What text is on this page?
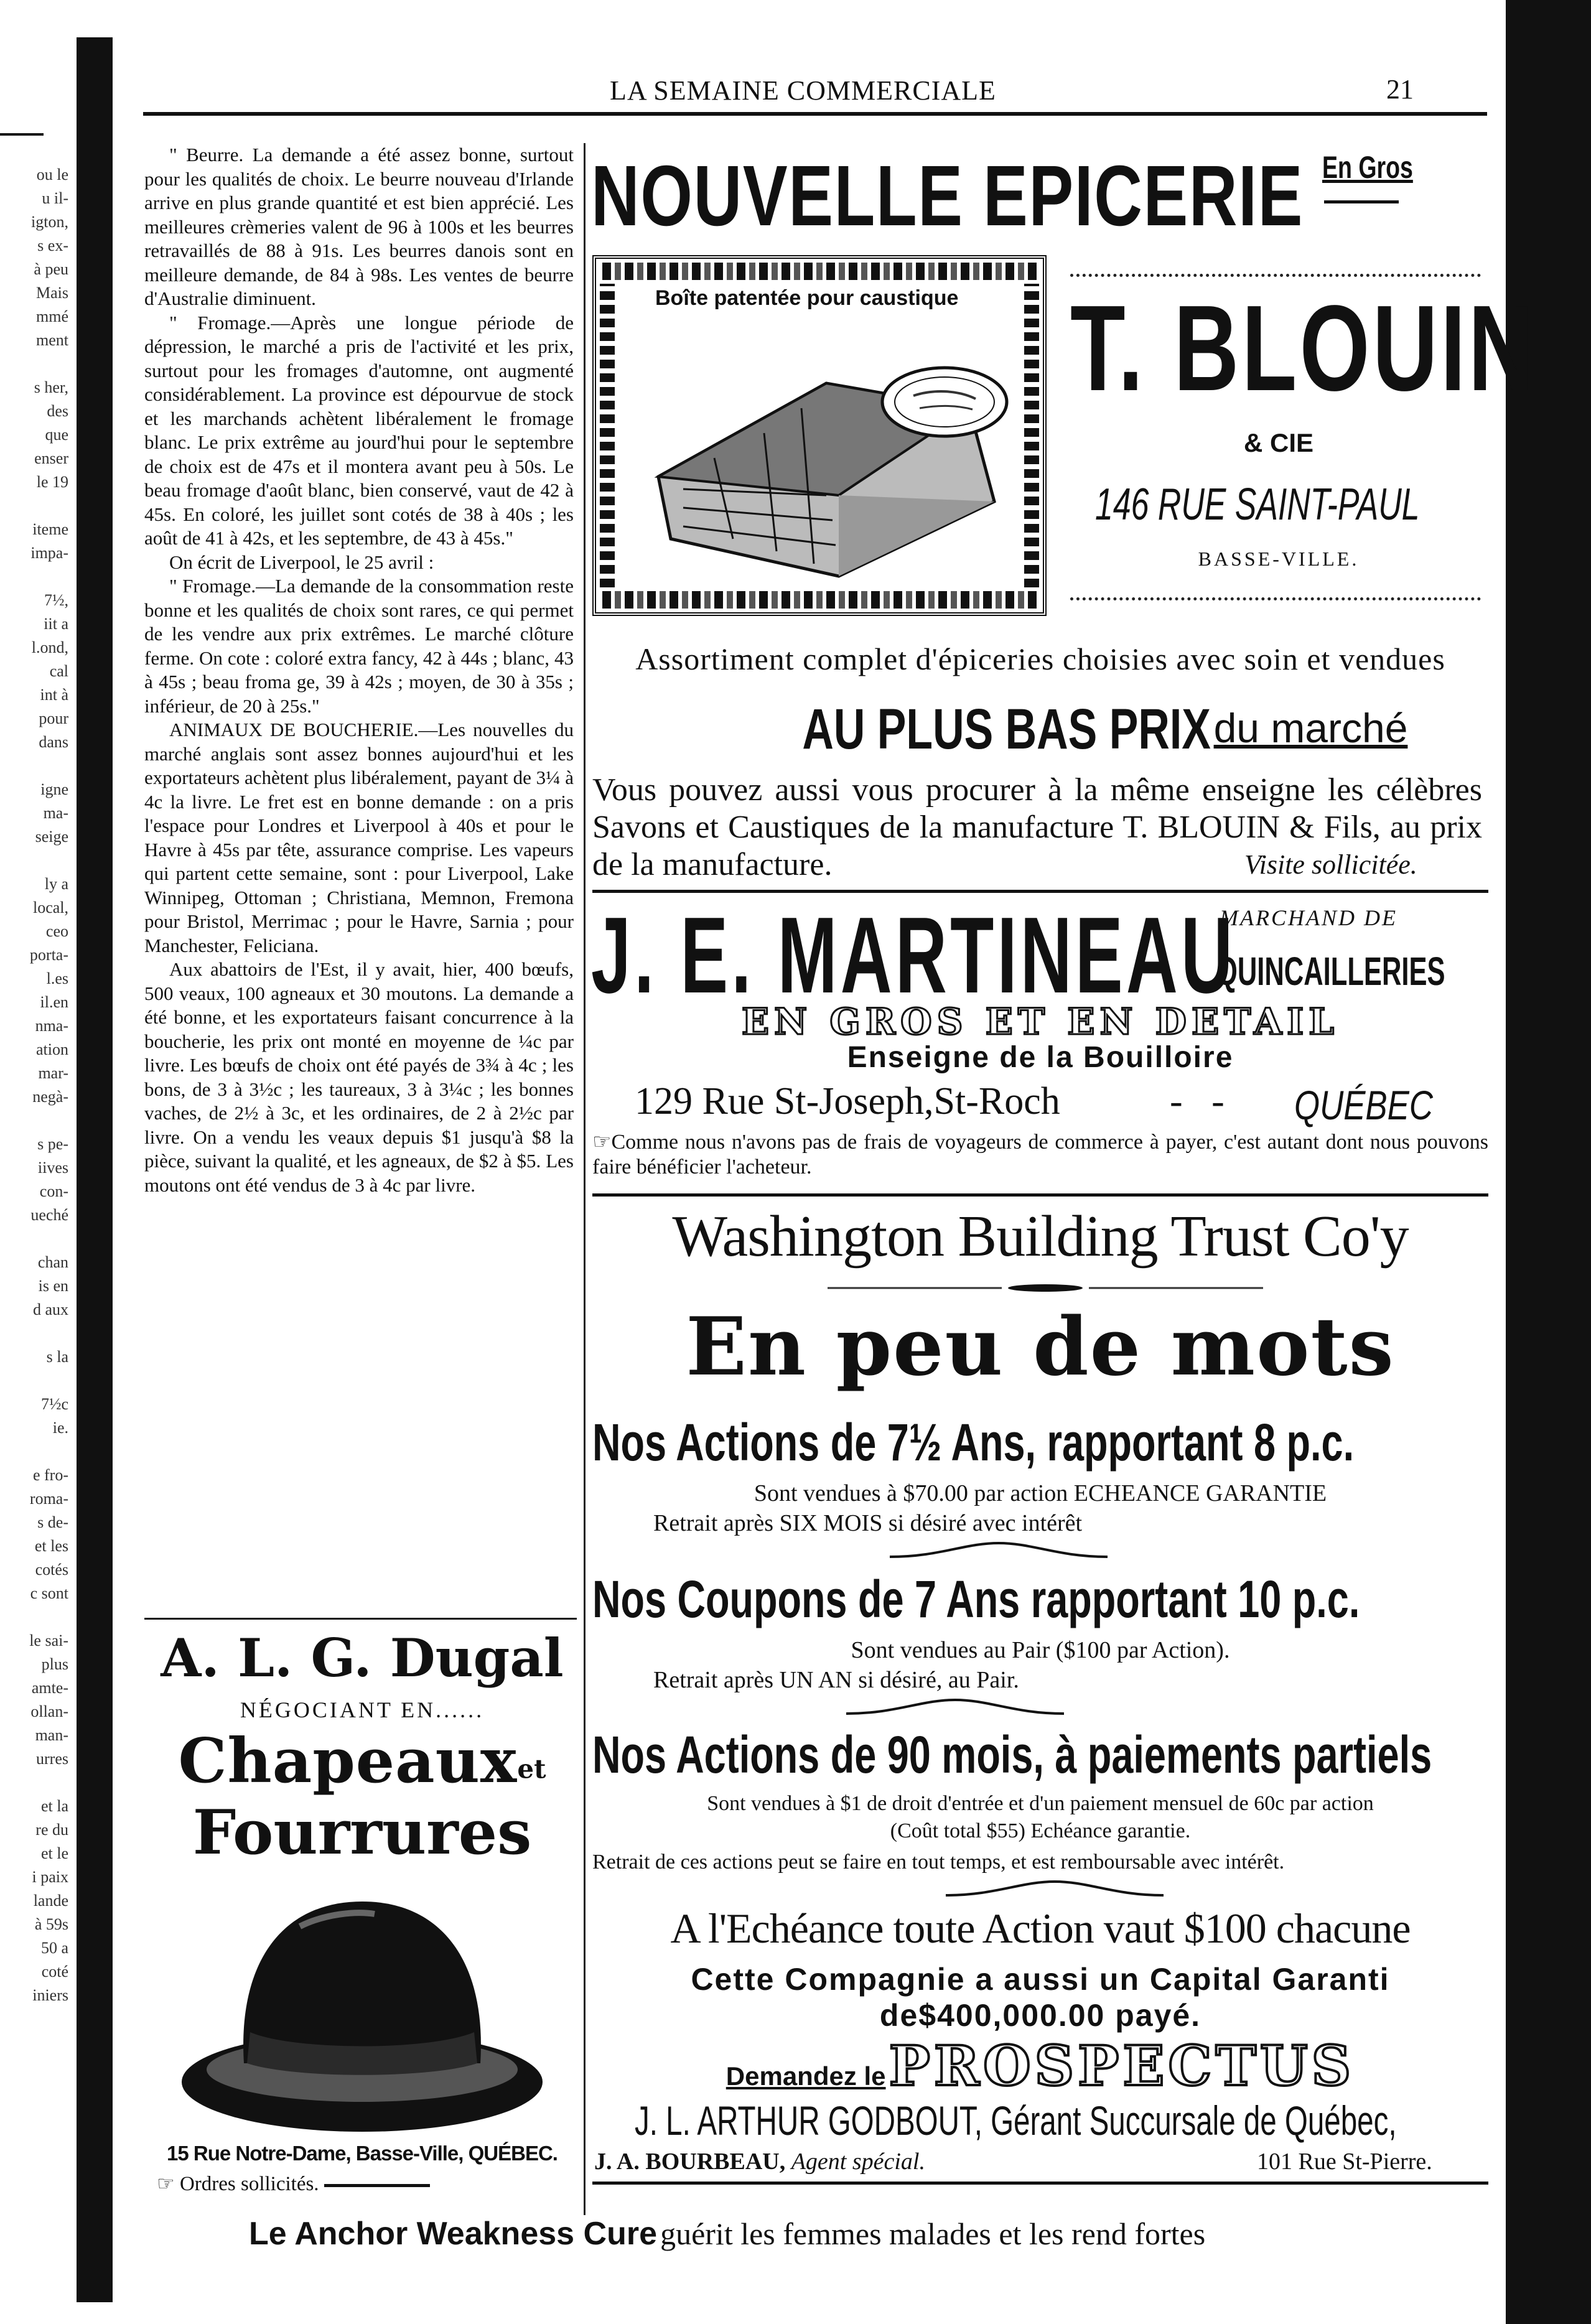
ou le
u il-
igton,
s ex-
à peu
Mais
mmé
ment
s her,
des
que
enser
le 19
iteme
impa-
7½,
iit a
l.ond,
cal
int à
pour
dans
igne
ma-
seige
ly a
local,
ceo
porta-
l.es
il.en
nma-
ation
mar-
negà-
s pe-
iives
con-
ueché
chan
is en
d aux
s la
7½c
ie.
e fro-
roma-
s de-
et les
cotés
c sont
le sai-
plus
amte-
ollan-
man-
urres
et la
re du
et le
i paix
lande
à 59s
50 a
coté
iniers
LA SEMAINE COMMERCIALE	21

" Beurre. La demande a été assez bonne, surtout pour les qualités de choix. Le beurre nouveau d'Irlande arrive en plus grande quantité et est bien apprécié. Les meilleures crèmeries valent de 96 à 100s et les beurres retravaillés de 88 à 91s. Les beurres danois sont en meilleure demande, de 84 à 98s. Les ventes de beurre d'Australie diminuent.

" Fromage.—Après une longue période de dépression, le marché a pris de l'activité et les prix, surtout pour les fromages d'automne, ont augmenté considérablement. La province est dépourvue de stock et les marchands achètent libéralement le fromage blanc. Le prix extrême au jourd'hui pour le septembre de choix est de 47s et il montera avant peu à 50s. Le beau fromage d'août blanc, bien conservé, vaut de 42 à 45s. En coloré, les juillet sont cotés de 38 à 40s ; les août de 41 à 42s, et les septembre, de 43 à 45s."

On écrit de Liverpool, le 25 avril :

" Fromage.—La demande de la consommation reste bonne et les qualités de choix sont rares, ce qui permet de les vendre aux prix extrêmes. Le marché clôture ferme. On cote : coloré extra fancy, 42 à 44s ; blanc, 43 à 45s ; beau froma ge, 39 à 42s ; moyen, de 30 à 35s ; inférieur, de 20 à 25s."

ANIMAUX DE BOUCHERIE.—Les nouvelles du marché anglais sont assez bonnes aujourd'hui et les exportateurs achètent plus libéralement, payant de 3¼ à 4c la livre. Le fret est en bonne demande : on a pris l'espace pour Londres et Liverpool à 40s et pour le Havre à 45s par tête, assurance comprise. Les vapeurs qui partent cette semaine, sont : pour Liverpool, Lake Winnipeg, Ottoman ; Christiana, Memnon, Fremona pour Bristol, Merrimac ; pour le Havre, Sarnia ; pour Manchester, Feliciana.

Aux abattoirs de l'Est, il y avait, hier, 400 bœufs, 500 veaux, 100 agneaux et 30 moutons. La demande a été bonne, et les exportateurs faisant concurrence à la boucherie, les prix ont monté en moyenne de ¼c par livre. Les bœufs de choix ont été payés de 3¾ à 4c ; les bons, de 3 à 3½c ; les taureaux, 3 à 3¼c ; les bonnes vaches, de 2½ à 3c, et les ordinaires, de 2 à 2½c par livre. On a vendu les veaux depuis $1 jusqu'à $8 la pièce, suivant la qualité, et les agneaux, de $2 à $5. Les moutons ont été vendus de 3 à 4c par livre.

A. L. G. Dugal
NÉGOCIANT EN......
Chapeaux$^{et}$
Fourrures
15 Rue Notre-Dame, Basse-Ville, QUÉBEC.
☞ Ordres sollicités.
NOUVELLE EPICERIE En Gros
Boîte patentée pour caustique T. BLOUIN
& CIE
146 RUE SAINT-PAUL
BASSE-VILLE.
Assortiment complet d'épiceries choisies avec soin et vendues
AU PLUS BAS PRIX du marché
Vous pouvez aussi vous procurer à la même enseigne les célèbres Savons et Caustiques de la manufacture T. BLOUIN & Fils, au prix de la manufacture.	Visite sollicitée.
J. E. MARTINEAU
MARCHAND DE
QUINCAILLERIES
EN GROS ET EN DETAIL
Enseigne de la Bouilloire
129 Rue St-Joseph,St-Roch	-   - QUÉBEC
☞Comme nous n'avons pas de frais de voyageurs de commerce à payer, c'est autant dont nous pouvons faire bénéficier l'acheteur.
Washington Building Trust Co'y
En peu de mots
Nos Actions de 7½ Ans, rapportant 8 p.c.
Sont vendues à $70.00 par action ECHEANCE GARANTIE
Retrait après SIX MOIS si désiré avec intérêt
Nos Coupons de 7 Ans rapportant 10 p.c.
Sont vendues au Pair ($100 par Action).
Retrait après UN AN si désiré, au Pair.
Nos Actions de 90 mois, à paiements partiels
Sont vendues à $1 de droit d'entrée et d'un paiement mensuel de 60c par action
(Coût total $55) Echéance garantie.
Retrait de ces actions peut se faire en tout temps, et est remboursable avec intérêt.
A l'Echéance toute Action vaut $100 chacune
Cette Compagnie a aussi un Capital Garanti
de$400,000.00 payé.
Demandez le PROSPECTUS
J. L. ARTHUR GODBOUT, Gérant Succursale de Québec,
J. A. BOURBEAU, Agent spécial.	101 Rue St-Pierre.
Le Anchor Weakness Cure guérit les femmes malades et les rend fortes
